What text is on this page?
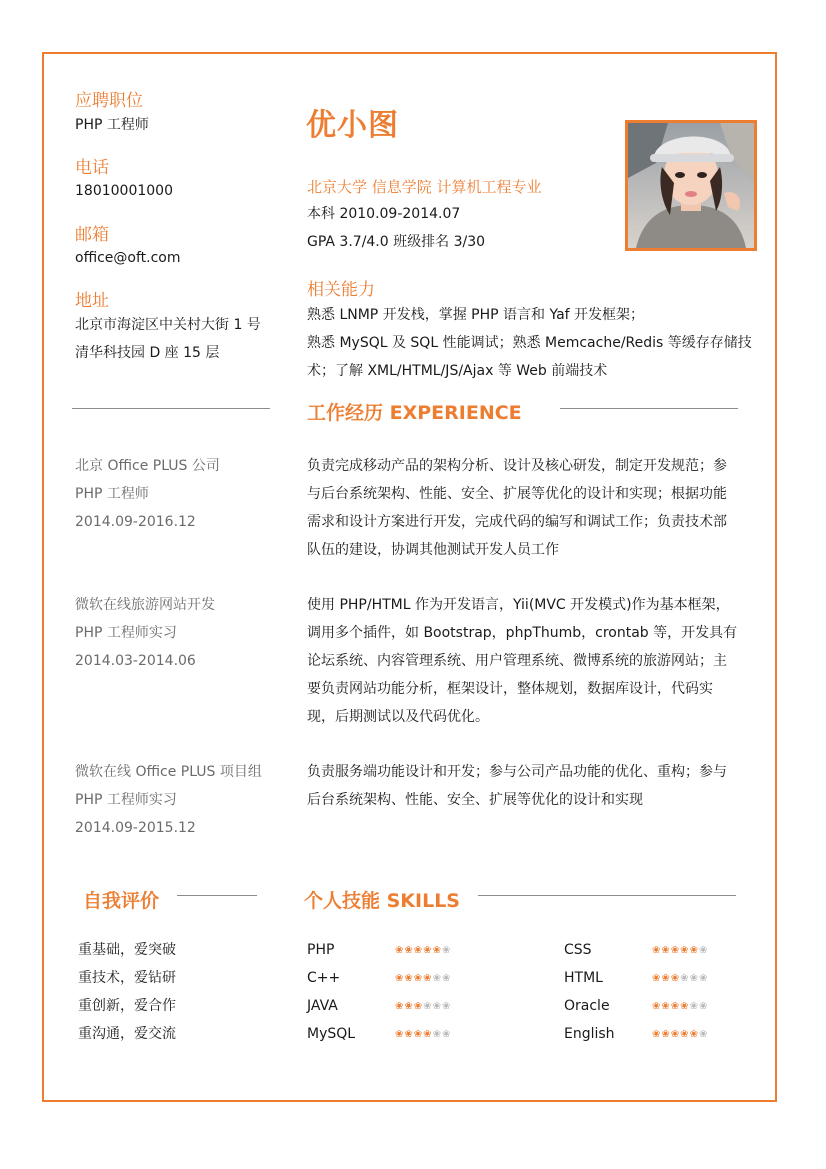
应聘职位
PHP 工程师
电话
18010001000
邮箱
office@oft.com
地址
北京市海淀区中关村大街 1 号
清华科技园 D 座 15 层
优小图
北京大学 信息学院 计算机工程专业
本科 2010.09-2014.07
GPA 3.7/4.0 班级排名 3/30
相关能力
熟悉 LNMP 开发栈，掌握 PHP 语言和 Yaf 开发框架；
熟悉 MySQL 及 SQL 性能调试；熟悉 Memcache/Redis 等缓存存储技
术；了解 XML/HTML/JS/Ajax 等 Web 前端技术
工作经历 EXPERIENCE
北京 Office PLUS 公司
PHP 工程师
2014.09-2016.12
负责完成移动产品的架构分析、设计及核心研发，制定开发规范；参与后台系统架构、性能、安全、扩展等优化的设计和实现；根据功能需求和设计方案进行开发，完成代码的编写和调试工作；负责技术部队伍的建设，协调其他测试开发人员工作
微软在线旅游网站开发
PHP 工程师实习
2014.03-2014.06
使用 PHP/HTML 作为开发语言，Yii(MVC 开发模式)作为基本框架，调用多个插件，如 Bootstrap，phpThumb，crontab 等，开发具有论坛系统、内容管理系统、用户管理系统、微博系统的旅游网站；主要负责网站功能分析，框架设计，整体规划，数据库设计，代码实现，后期测试以及代码优化。
微软在线 Office PLUS 项目组
PHP 工程师实习
2014.09-2015.12
负责服务端功能设计和开发；参与公司产品功能的优化、重构；参与后台系统架构、性能、安全、扩展等优化的设计和实现
自我评价
重基础，爱突破
重技术，爱钻研
重创新，爱合作
重沟通，爱交流
个人技能 SKILLS
PHP	❀❀❀❀❀❀
C++	❀❀❀❀❀❀
JAVA	❀❀❀❀❀❀
MySQL	❀❀❀❀❀❀
CSS	❀❀❀❀❀❀
HTML	❀❀❀❀❀❀
Oracle	❀❀❀❀❀❀
English	❀❀❀❀❀❀
